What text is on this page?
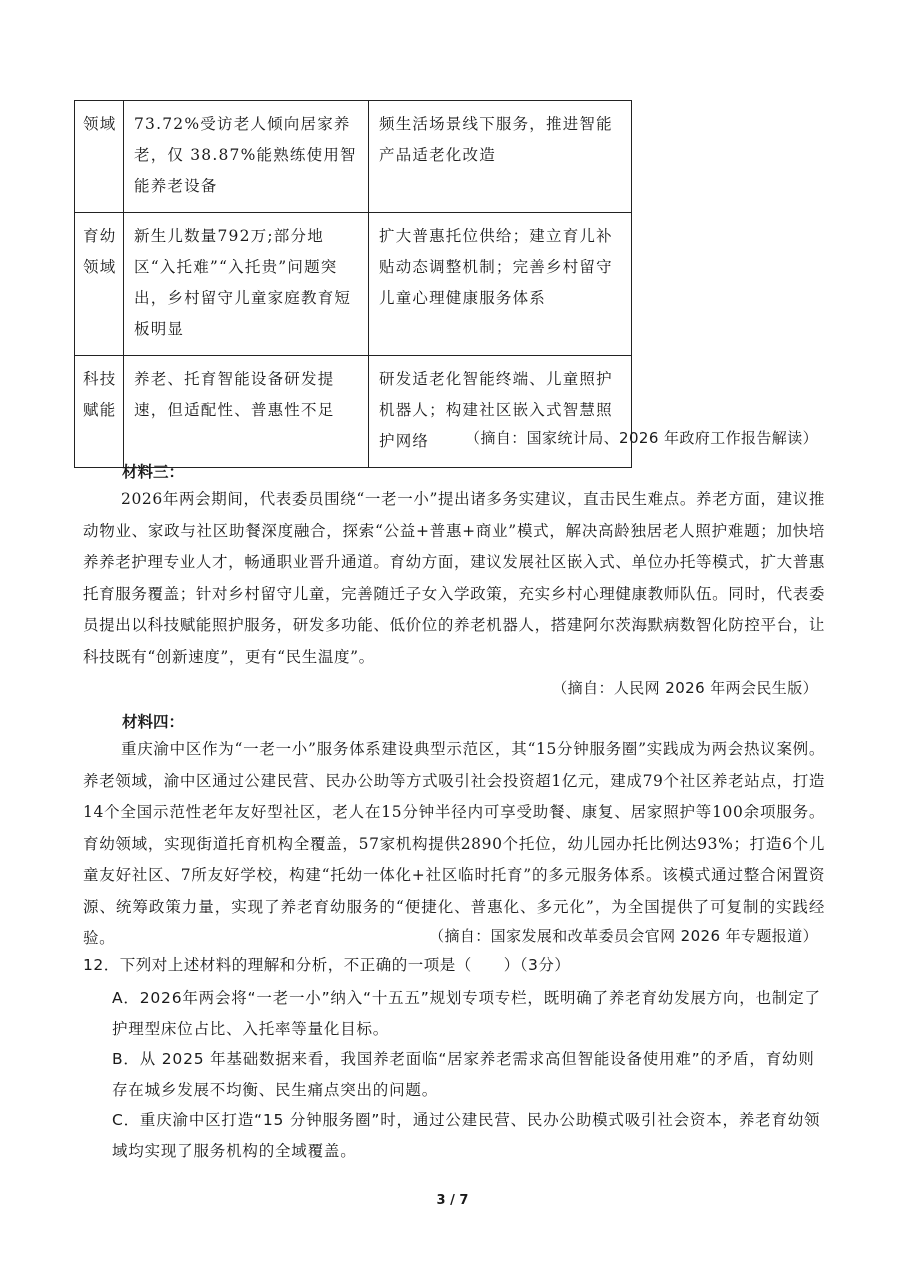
领域	73.72%受访老人倾向居家养老，仅 38.87%能熟练使用智能养老设备	频生活场景线下服务，推进智能产品适老化改造

育幼领域	新生儿数量792万;部分地区“入托难”“入托贵”问题突出，乡村留守儿童家庭教育短板明显	扩大普惠托位供给；建立育儿补贴动态调整机制；完善乡村留守儿童心理健康服务体系

科技赋能	养老、托育智能设备研发提速，但适配性、普惠性不足	研发适老化智能终端、儿童照护机器人；构建社区嵌入式智慧照护网络 （摘自：国家统计局、2026 年政府工作报告解读）
材料三：

2026年两会期间，代表委员围绕“一老一小”提出诸多务实建议，直击民生难点。养老方面，建议推动物业、家政与社区助餐深度融合，探索“公益+普惠+商业”模式，解决高龄独居老人照护难题；加快培养养老护理专业人才，畅通职业晋升通道。育幼方面，建议发展社区嵌入式、单位办托等模式，扩大普惠托育服务覆盖；针对乡村留守儿童，完善随迁子女入学政策，充实乡村心理健康教师队伍。同时，代表委员提出以科技赋能照护服务，研发多功能、低价位的养老机器人，搭建阿尔茨海默病数智化防控平台，让科技既有“创新速度”，更有“民生温度”。

（摘自：人民网 2026 年两会民生版）
材料四：

重庆渝中区作为“一老一小”服务体系建设典型示范区，其“15分钟服务圈”实践成为两会热议案例。养老领域，渝中区通过公建民营、民办公助等方式吸引社会投资超1亿元，建成79个社区养老站点，打造14个全国示范性老年友好型社区，老人在15分钟半径内可享受助餐、康复、居家照护等100余项服务。育幼领域，实现街道托育机构全覆盖，57家机构提供2890个托位，幼儿园办托比例达93%；打造6个儿童友好社区、7所友好学校，构建“托幼一体化+社区临时托育”的多元服务体系。该模式通过整合闲置资源、统筹政策力量，实现了养老育幼服务的“便捷化、普惠化、多元化”，为全国提供了可复制的实践经验。	（摘自：国家发展和改革委员会官网 2026 年专题报道）
12．下列对上述材料的理解和分析，不正确的一项是（　　）（3分）

A．2026年两会将“一老一小”纳入“十五五”规划专项专栏，既明确了养老育幼发展方向，也制定了护理型床位占比、入托率等量化目标。

B．从 2025 年基础数据来看，我国养老面临“居家养老需求高但智能设备使用难”的矛盾，育幼则存在城乡发展不均衡、民生痛点突出的问题。

C．重庆渝中区打造“15 分钟服务圈”时，通过公建民营、民办公助模式吸引社会资本，养老育幼领域均实现了服务机构的全域覆盖。

3 / 7
